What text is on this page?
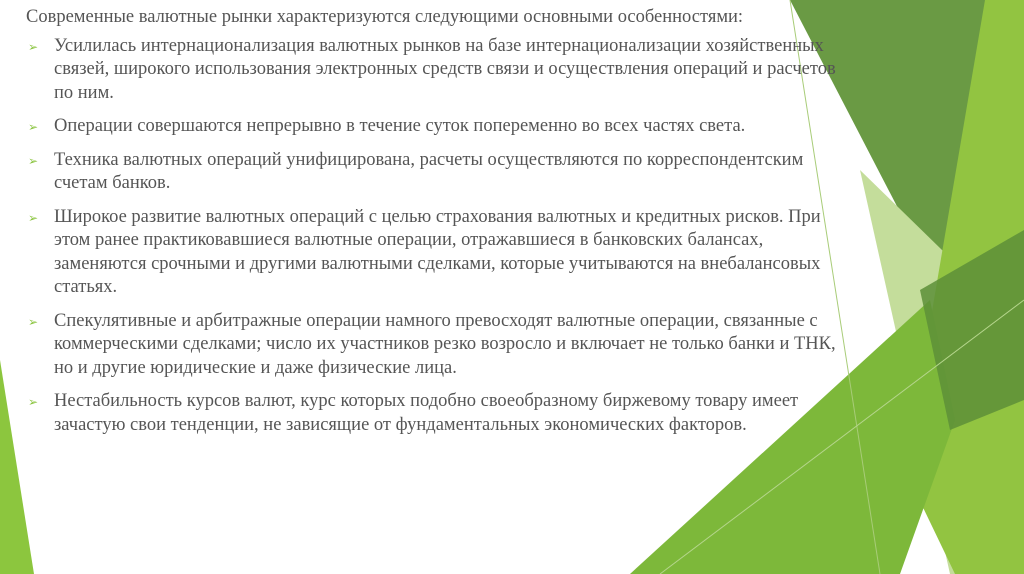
Современные валютные рынки характеризуются следующими основными особенностями:

➢ Усилилась интернационализация валютных рынков на базе интернационализации хозяйственных связей, широкого использования электронных средств связи и осуществления операций и расчетов по ним.
➢ Операции совершаются непрерывно в течение суток попеременно во всех частях света.
➢ Техника валютных операций унифицирована, расчеты осуществляются по корреспондентским счетам банков.
➢ Широкое развитие валютных операций с целью страхования валютных и кредитных рисков. При этом ранее практиковавшиеся валютные операции, отражавшиеся в банковских балансах, заменяются срочными и другими валютными сделками, которые учитываются на внебалансовых статьях.
➢ Спекулятивные и арбитражные операции намного превосходят валютные операции, связанные с коммерческими сделками; число их участников резко возросло и включает не только банки и ТНК, но и другие юридические и даже физические лица.
➢ Нестабильность курсов валют, курс которых подобно своеобразному биржевому товару имеет зачастую свои тенденции, не зависящие от фундаментальных экономических факторов.
